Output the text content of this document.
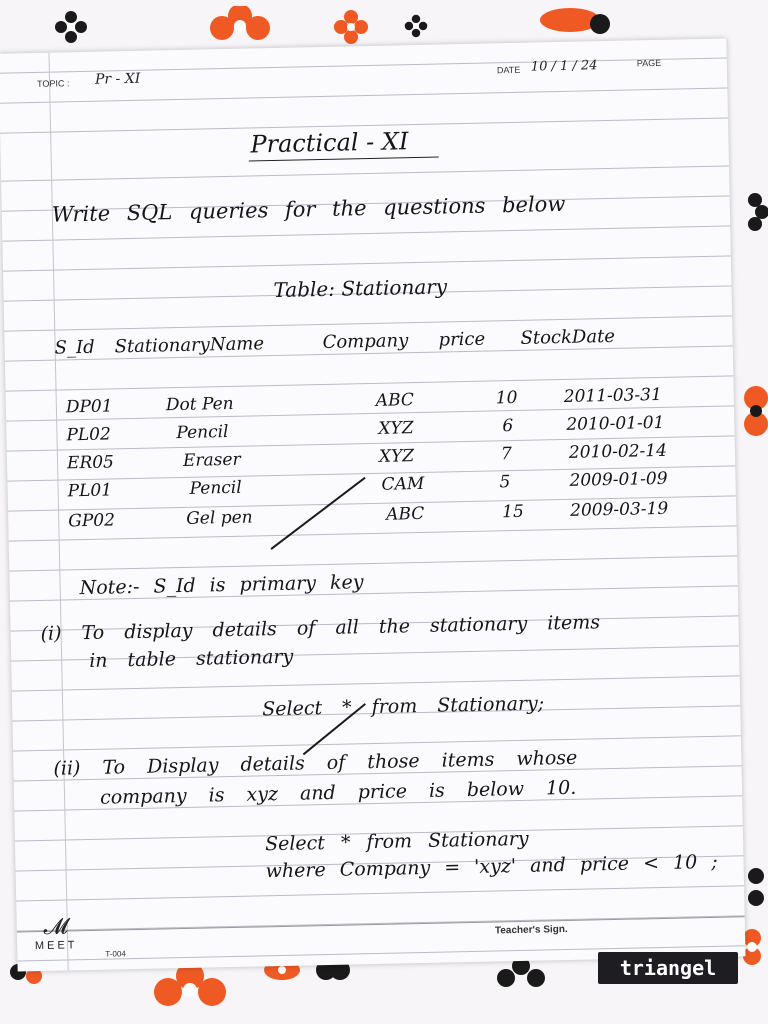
TOPIC : Pr - XI
DATE 10 / 1 / 24	PAGE
Practical - XI
Write SQL queries for the questions below
Table: Stationary
S_Id StationaryName	Company price StockDate
DP01	Dot Pen	ABC	10	2011-03-31
PL02	Pencil	XYZ	6	2010-01-01
ER05	Eraser	XYZ	7	2010-02-14
PL01	Pencil	CAM	5	2009-01-09
GP02	Gel pen	ABC	15	2009-03-19
Note:- S_Id is primary key
(i) To display details of all the stationary items
in table stationary
Select * from Stationary;
(ii) To Display details of those items whose
company is xyz and price is below 10.
Select * from Stationary
where Company = 'xyz' and price < 10 ;
𝓜
MEET
T-004
Teacher's Sign.
triangel
